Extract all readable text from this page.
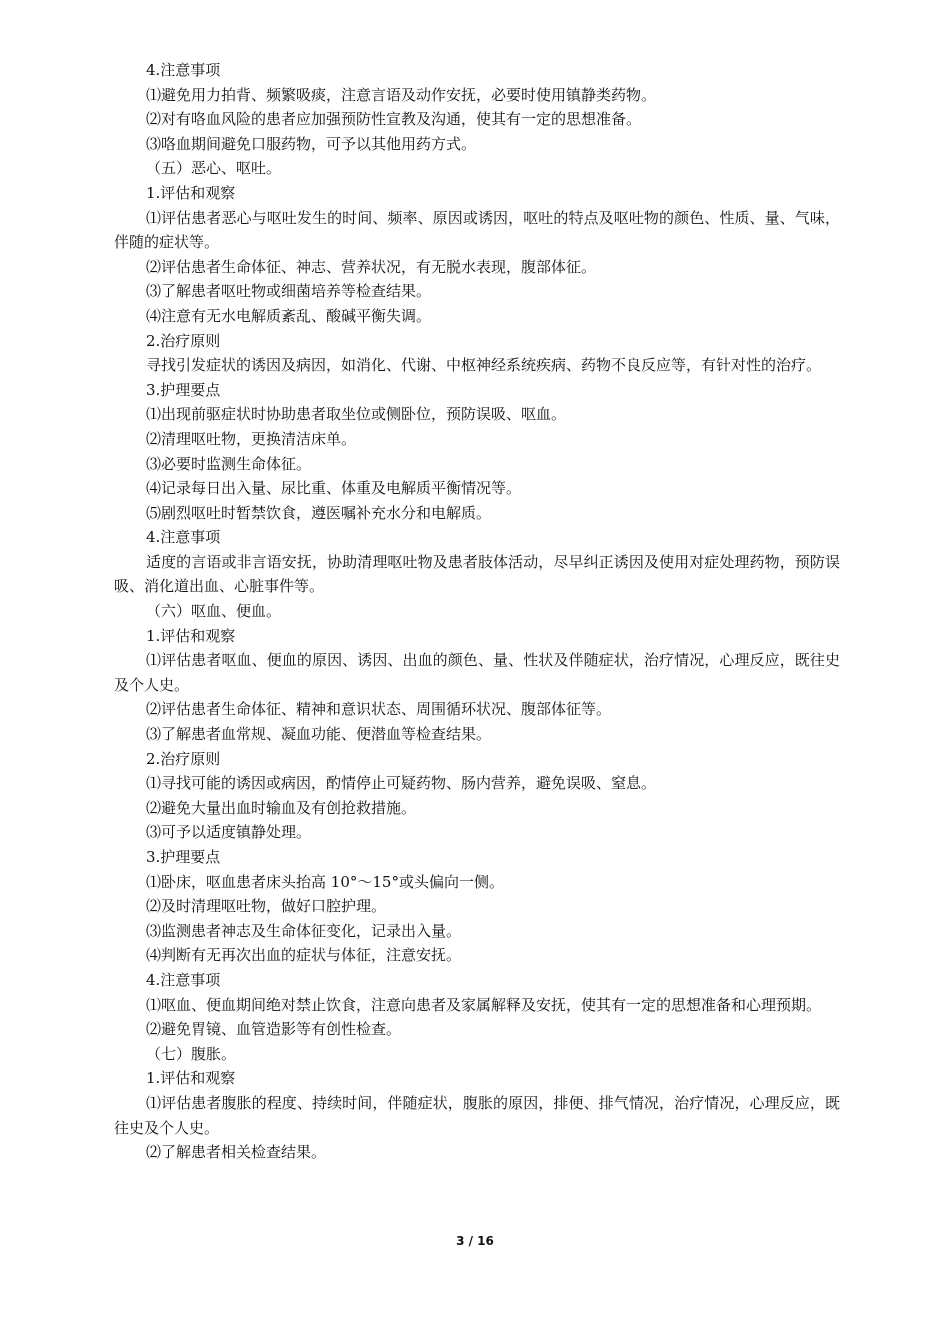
4.注意事项

⑴避免用力拍背、频繁吸痰，注意言语及动作安抚，必要时使用镇静类药物。

⑵对有咯血风险的患者应加强预防性宣教及沟通，使其有一定的思想准备。

⑶咯血期间避免口服药物，可予以其他用药方式。

（五）恶心、呕吐。

1.评估和观察

⑴评估患者恶心与呕吐发生的时间、频率、原因或诱因，呕吐的特点及呕吐物的颜色、性质、量、气味，伴随的症状等。

⑵评估患者生命体征、神志、营养状况，有无脱水表现，腹部体征。

⑶了解患者呕吐物或细菌培养等检查结果。

⑷注意有无水电解质紊乱、酸碱平衡失调。

2.治疗原则

寻找引发症状的诱因及病因，如消化、代谢、中枢神经系统疾病、药物不良反应等，有针对性的治疗。

3.护理要点

⑴出现前驱症状时协助患者取坐位或侧卧位，预防误吸、呕血。

⑵清理呕吐物，更换清洁床单。

⑶必要时监测生命体征。

⑷记录每日出入量、尿比重、体重及电解质平衡情况等。

⑸剧烈呕吐时暂禁饮食，遵医嘱补充水分和电解质。

4.注意事项

适度的言语或非言语安抚，协助清理呕吐物及患者肢体活动，尽早纠正诱因及使用对症处理药物，预防误吸、消化道出血、心脏事件等。

（六）呕血、便血。

1.评估和观察

⑴评估患者呕血、便血的原因、诱因、出血的颜色、量、性状及伴随症状，治疗情况，心理反应，既往史及个人史。

⑵评估患者生命体征、精神和意识状态、周围循环状况、腹部体征等。

⑶了解患者血常规、凝血功能、便潜血等检查结果。

2.治疗原则

⑴寻找可能的诱因或病因，酌情停止可疑药物、肠内营养，避免误吸、窒息。

⑵避免大量出血时输血及有创抢救措施。

⑶可予以适度镇静处理。

3.护理要点

⑴卧床，呕血患者床头抬高 10°～15°或头偏向一侧。

⑵及时清理呕吐物，做好口腔护理。

⑶监测患者神志及生命体征变化，记录出入量。

⑷判断有无再次出血的症状与体征，注意安抚。

4.注意事项

⑴呕血、便血期间绝对禁止饮食，注意向患者及家属解释及安抚，使其有一定的思想准备和心理预期。

⑵避免胃镜、血管造影等有创性检查。

（七）腹胀。

1.评估和观察

⑴评估患者腹胀的程度、持续时间，伴随症状，腹胀的原因，排便、排气情况，治疗情况，心理反应，既往史及个人史。

⑵了解患者相关检查结果。

3 / 16
